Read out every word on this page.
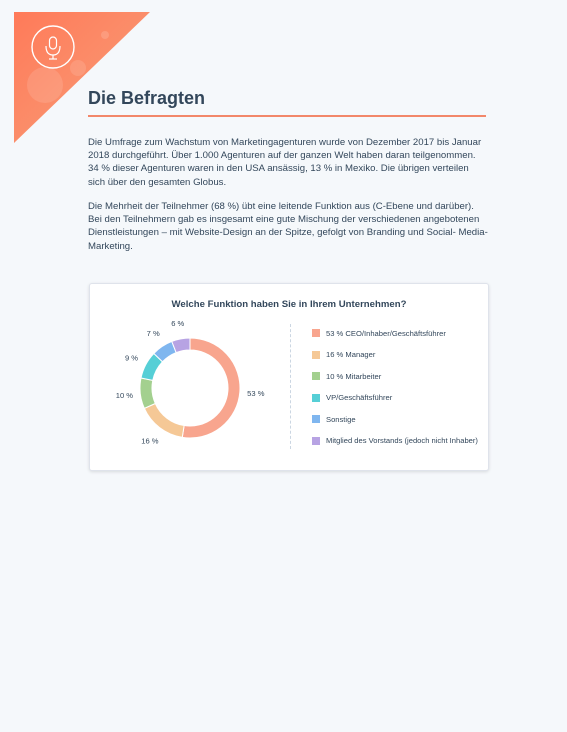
Die Befragten

Die Umfrage zum Wachstum von Marketingagenturen wurde von Dezember 2017 bis Januar 2018 durchgeführt. Über 1.000 Agenturen auf der ganzen Welt haben daran teilgenommen. 34 % dieser Agenturen waren in den USA ansässig, 13 % in Mexiko. Die übrigen verteilen sich über den gesamten Globus.

Die Mehrheit der Teilnehmer (68 %) übt eine leitende Funktion aus (C-Ebene und darüber). Bei den Teilnehmern gab es insgesamt eine gute Mischung der verschiedenen angebotenen Dienstleistungen – mit Website-Design an der Spitze, gefolgt von Branding und Social- Media- Marketing.

Welche Funktion haben Sie in Ihrem Unternehmen?
53 %
16 %
10 %
9 %
7 %
6 %
53 % CEO/Inhaber/Geschäftsführer
16 % Manager
10 % Mitarbeiter
VP/Geschäftsführer
Sonstige
Mitglied des Vorstands (jedoch nicht Inhaber)
